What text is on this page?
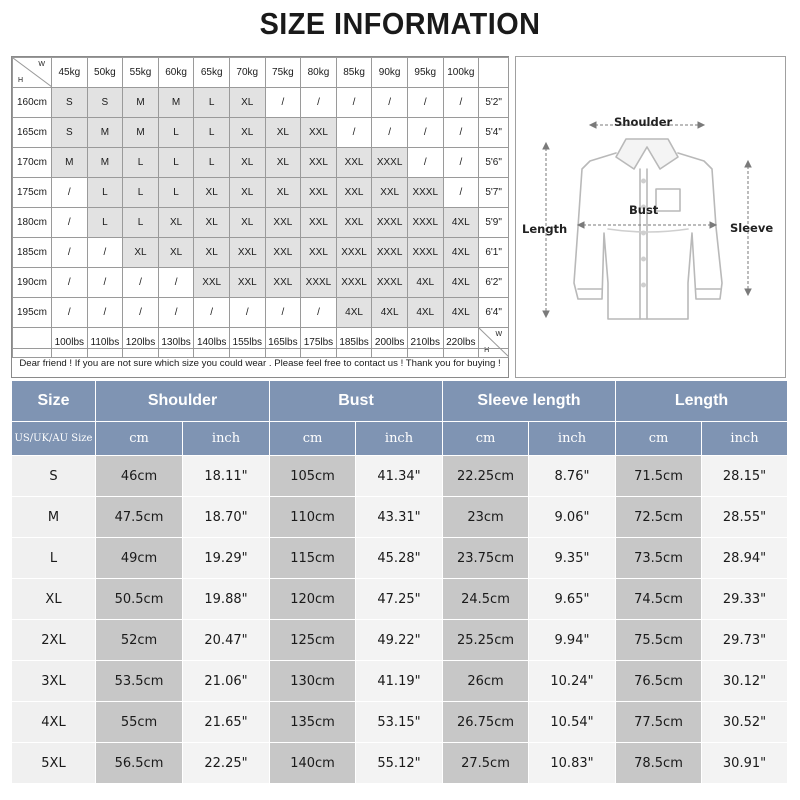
SIZE INFORMATION
W
H	45kg	50kg	55kg	60kg	65kg	70kg	75kg	80kg	85kg	90kg	95kg	100kg	
160cm	S	S	M	M	L	XL	/	/	/	/	/	/	5'2"
165cm	S	M	M	L	L	XL	XL	XXL	/	/	/	/	5'4"
170cm	M	M	L	L	L	XL	XL	XXL	XXL	XXXL	/	/	5'6"
175cm	/	L	L	L	XL	XL	XL	XXL	XXL	XXL	XXXL	/	5'7"
180cm	/	L	L	XL	XL	XL	XXL	XXL	XXL	XXXL	XXXL	4XL	5'9"
185cm	/	/	XL	XL	XL	XXL	XXL	XXL	XXXL	XXXL	XXXL	4XL	6'1"
190cm	/	/	/	/	XXL	XXL	XXL	XXXL	XXXL	XXXL	4XL	4XL	6'2"
195cm	/	/	/	/	/	/	/	/	4XL	4XL	4XL	4XL	6'4"
	100lbs	110lbs	120lbs	130lbs	140lbs	155lbs	165lbs	175lbs	185lbs	200lbs	210lbs	220lbs	H
W
Dear friend ! If you are not sure which size you could wear . Please feel free to contact us ! Thank you for buying !
Shoulder
Bust
Length	Sleeve
Size	Shoulder		Bust		Sleeve length		Length	
US/UK/AU Size	cm	inch	cm	inch	cm	inch	cm	inch
S	46cm	18.11"	105cm	41.34"	22.25cm	8.76"	71.5cm	28.15"
M	47.5cm	18.70"	110cm	43.31"	23cm	9.06"	72.5cm	28.55"
L	49cm	19.29"	115cm	45.28"	23.75cm	9.35"	73.5cm	28.94"
XL	50.5cm	19.88"	120cm	47.25"	24.5cm	9.65"	74.5cm	29.33"
2XL	52cm	20.47"	125cm	49.22"	25.25cm	9.94"	75.5cm	29.73"
3XL	53.5cm	21.06"	130cm	41.19"	26cm	10.24"	76.5cm	30.12"
4XL	55cm	21.65"	135cm	53.15"	26.75cm	10.54"	77.5cm	30.52"
5XL	56.5cm	22.25"	140cm	55.12"	27.5cm	10.83"	78.5cm	30.91"
